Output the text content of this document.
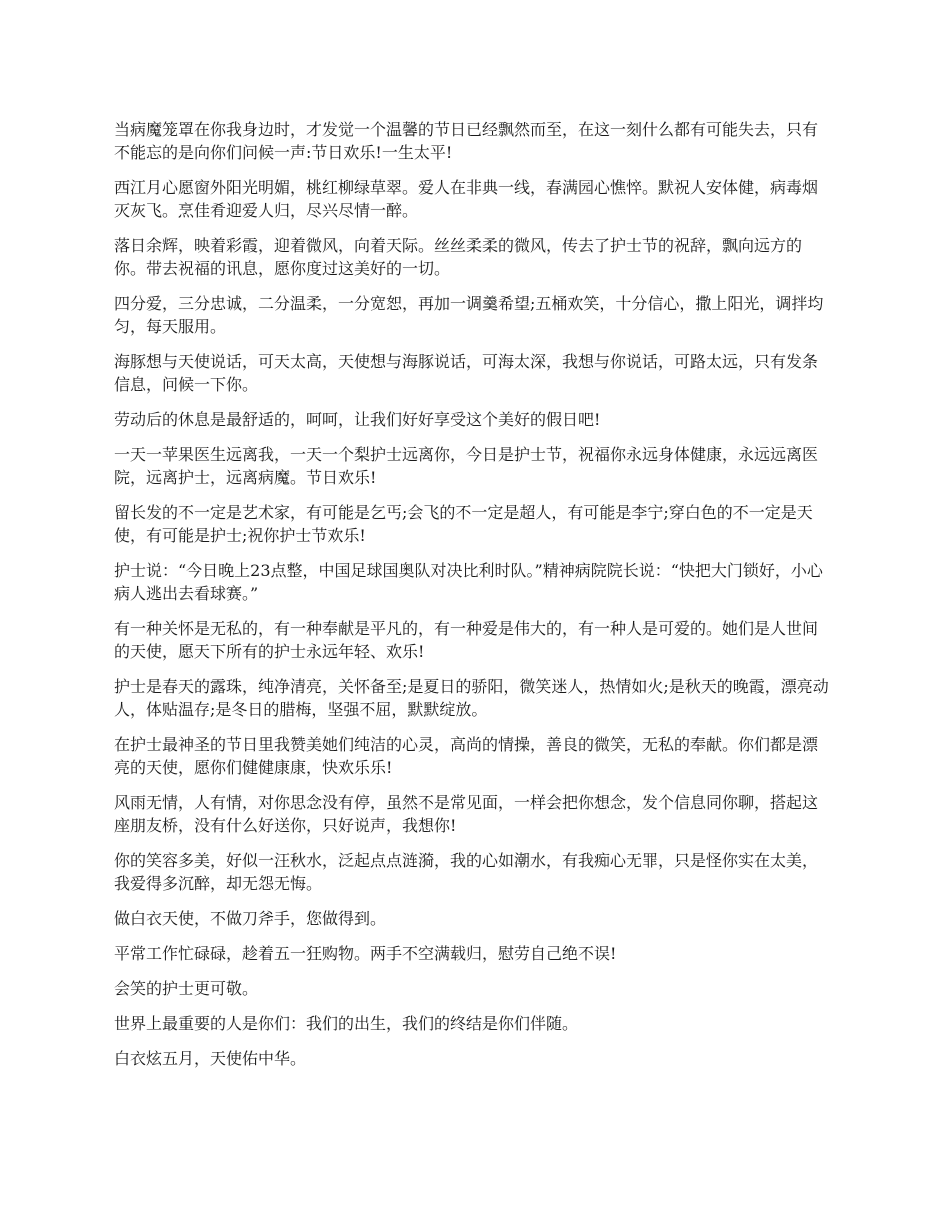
当病魔笼罩在你我身边时，才发觉一个温馨的节日已经飘然而至，在这一刻什么都有可能失去，只有不能忘的是向你们问候一声:节日欢乐!一生太平!

西江月心愿窗外阳光明媚，桃红柳绿草翠。爱人在非典一线，春满园心憔悴。默祝人安体健，病毒烟灭灰飞。烹佳肴迎爱人归，尽兴尽情一醉。

落日余辉，映着彩霞，迎着微风，向着天际。丝丝柔柔的微风，传去了护士节的祝辞，飘向远方的你。带去祝福的讯息，愿你度过这美好的一切。

四分爱，三分忠诚，二分温柔，一分宽恕，再加一调羹希望;五桶欢笑，十分信心，撒上阳光，调拌均匀，每天服用。

海豚想与天使说话，可天太高，天使想与海豚说话，可海太深，我想与你说话，可路太远，只有发条信息，问候一下你。

劳动后的休息是最舒适的，呵呵，让我们好好享受这个美好的假日吧!

一天一苹果医生远离我，一天一个梨护士远离你，今日是护士节，祝福你永远身体健康，永远远离医院，远离护士，远离病魔。节日欢乐!

留长发的不一定是艺术家，有可能是乞丐;会飞的不一定是超人，有可能是李宁;穿白色的不一定是天使，有可能是护士;祝你护士节欢乐!

护士说：“今日晚上23点整，中国足球国奥队对决比利时队。”精神病院院长说：“快把大门锁好，小心病人逃出去看球赛。”

有一种关怀是无私的，有一种奉献是平凡的，有一种爱是伟大的，有一种人是可爱的。她们是人世间的天使，愿天下所有的护士永远年轻、欢乐!

护士是春天的露珠，纯净清亮，关怀备至;是夏日的骄阳，微笑迷人，热情如火;是秋天的晚霞，漂亮动人，体贴温存;是冬日的腊梅，坚强不屈，默默绽放。

在护士最神圣的节日里我赞美她们纯洁的心灵，高尚的情操，善良的微笑，无私的奉献。你们都是漂亮的天使，愿你们健健康康，快欢乐乐!

风雨无情，人有情，对你思念没有停，虽然不是常见面，一样会把你想念，发个信息同你聊，搭起这座朋友桥，没有什么好送你，只好说声，我想你!

你的笑容多美，好似一汪秋水，泛起点点涟漪，我的心如潮水，有我痴心无罪，只是怪你实在太美，我爱得多沉醉，却无怨无悔。

做白衣天使，不做刀斧手，您做得到。

平常工作忙碌碌，趁着五一狂购物。两手不空满载归，慰劳自己绝不误!

会笑的护士更可敬。

世界上最重要的人是你们：我们的出生，我们的终结是你们伴随。

白衣炫五月，天使佑中华。
